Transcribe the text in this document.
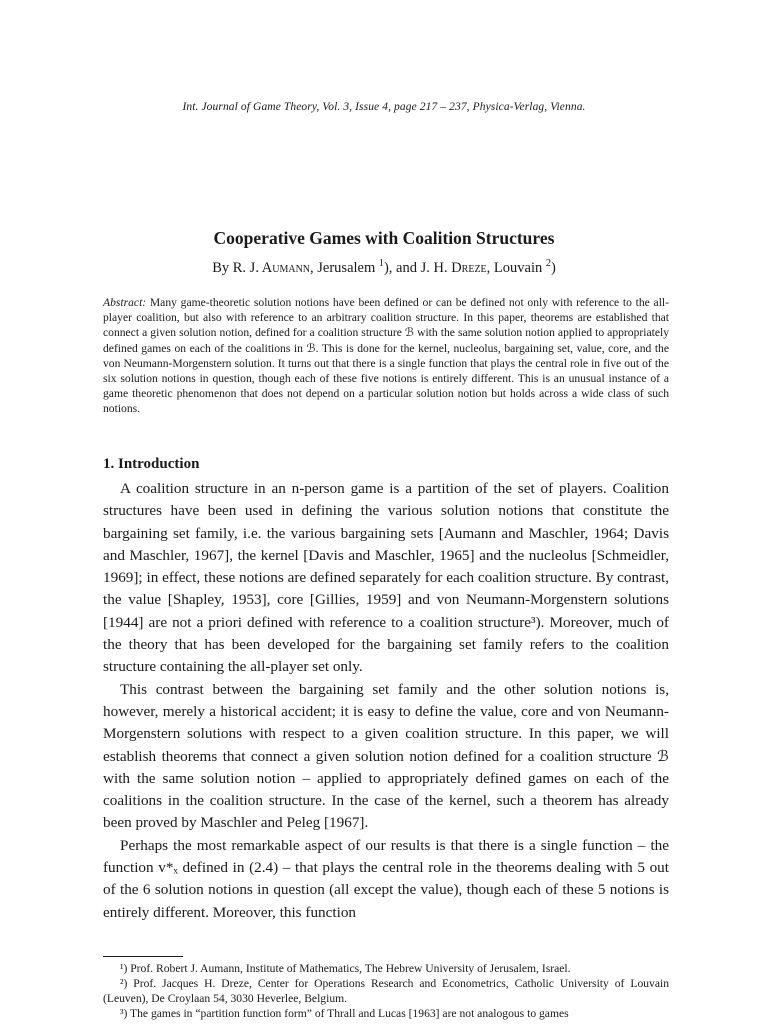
Int. Journal of Game Theory, Vol. 3, Issue 4, page 217 – 237, Physica-Verlag, Vienna.
Cooperative Games with Coalition Structures
By R. J. Aumann, Jerusalem $^1$), and J. H. Dreze, Louvain $^2$)
Abstract: Many game-theoretic solution notions have been defined or can be defined not only with reference to the all-player coalition, but also with reference to an arbitrary coalition structure. In this paper, theorems are established that connect a given solution notion, defined for a coalition structure ℬ with the same solution notion applied to appropriately defined games on each of the coalitions in ℬ. This is done for the kernel, nucleolus, bargaining set, value, core, and the von Neumann-Morgenstern solution. It turns out that there is a single function that plays the central role in five out of the six solution notions in question, though each of these five notions is entirely different. This is an unusual instance of a game theoretic phenomenon that does not depend on a particular solution notion but holds across a wide class of such notions.
1. Introduction

A coalition structure in an n-person game is a partition of the set of players. Coalition structures have been used in defining the various solution notions that constitute the bargaining set family, i.e. the various bargaining sets [Aumann and Maschler, 1964; Davis and Maschler, 1967], the kernel [Davis and Maschler, 1965] and the nucleolus [Schmeidler, 1969]; in effect, these notions are defined separately for each coalition structure. By contrast, the value [Shapley, 1953], core [Gillies, 1959] and von Neumann-Morgenstern solutions [1944] are not a priori defined with reference to a coalition structure³). Moreover, much of the theory that has been developed for the bargaining set family refers to the coalition structure containing the all-player set only.

This contrast between the bargaining set family and the other solution notions is, however, merely a historical accident; it is easy to define the value, core and von Neumann-Morgenstern solutions with respect to a given coalition structure. In this paper, we will establish theorems that connect a given solution notion defined for a coalition structure ℬ with the same solution notion – applied to appropriately defined games on each of the coalitions in the coalition structure. In the case of the kernel, such a theorem has already been proved by Maschler and Peleg [1967].

Perhaps the most remarkable aspect of our results is that there is a single function – the function v*ₓ defined in (2.4) – that plays the central role in the theorems dealing with 5 out of the 6 solution notions in question (all except the value), though each of these 5 notions is entirely different. Moreover, this function

¹) Prof. Robert J. Aumann, Institute of Mathematics, The Hebrew University of Jerusalem, Israel.

²) Prof. Jacques H. Dreze, Center for Operations Research and Econometrics, Catholic University of Louvain (Leuven), De Croylaan 54, 3030 Heverlee, Belgium.

³) The games in “partition function form” of Thrall and Lucas [1963] are not analogous to games
